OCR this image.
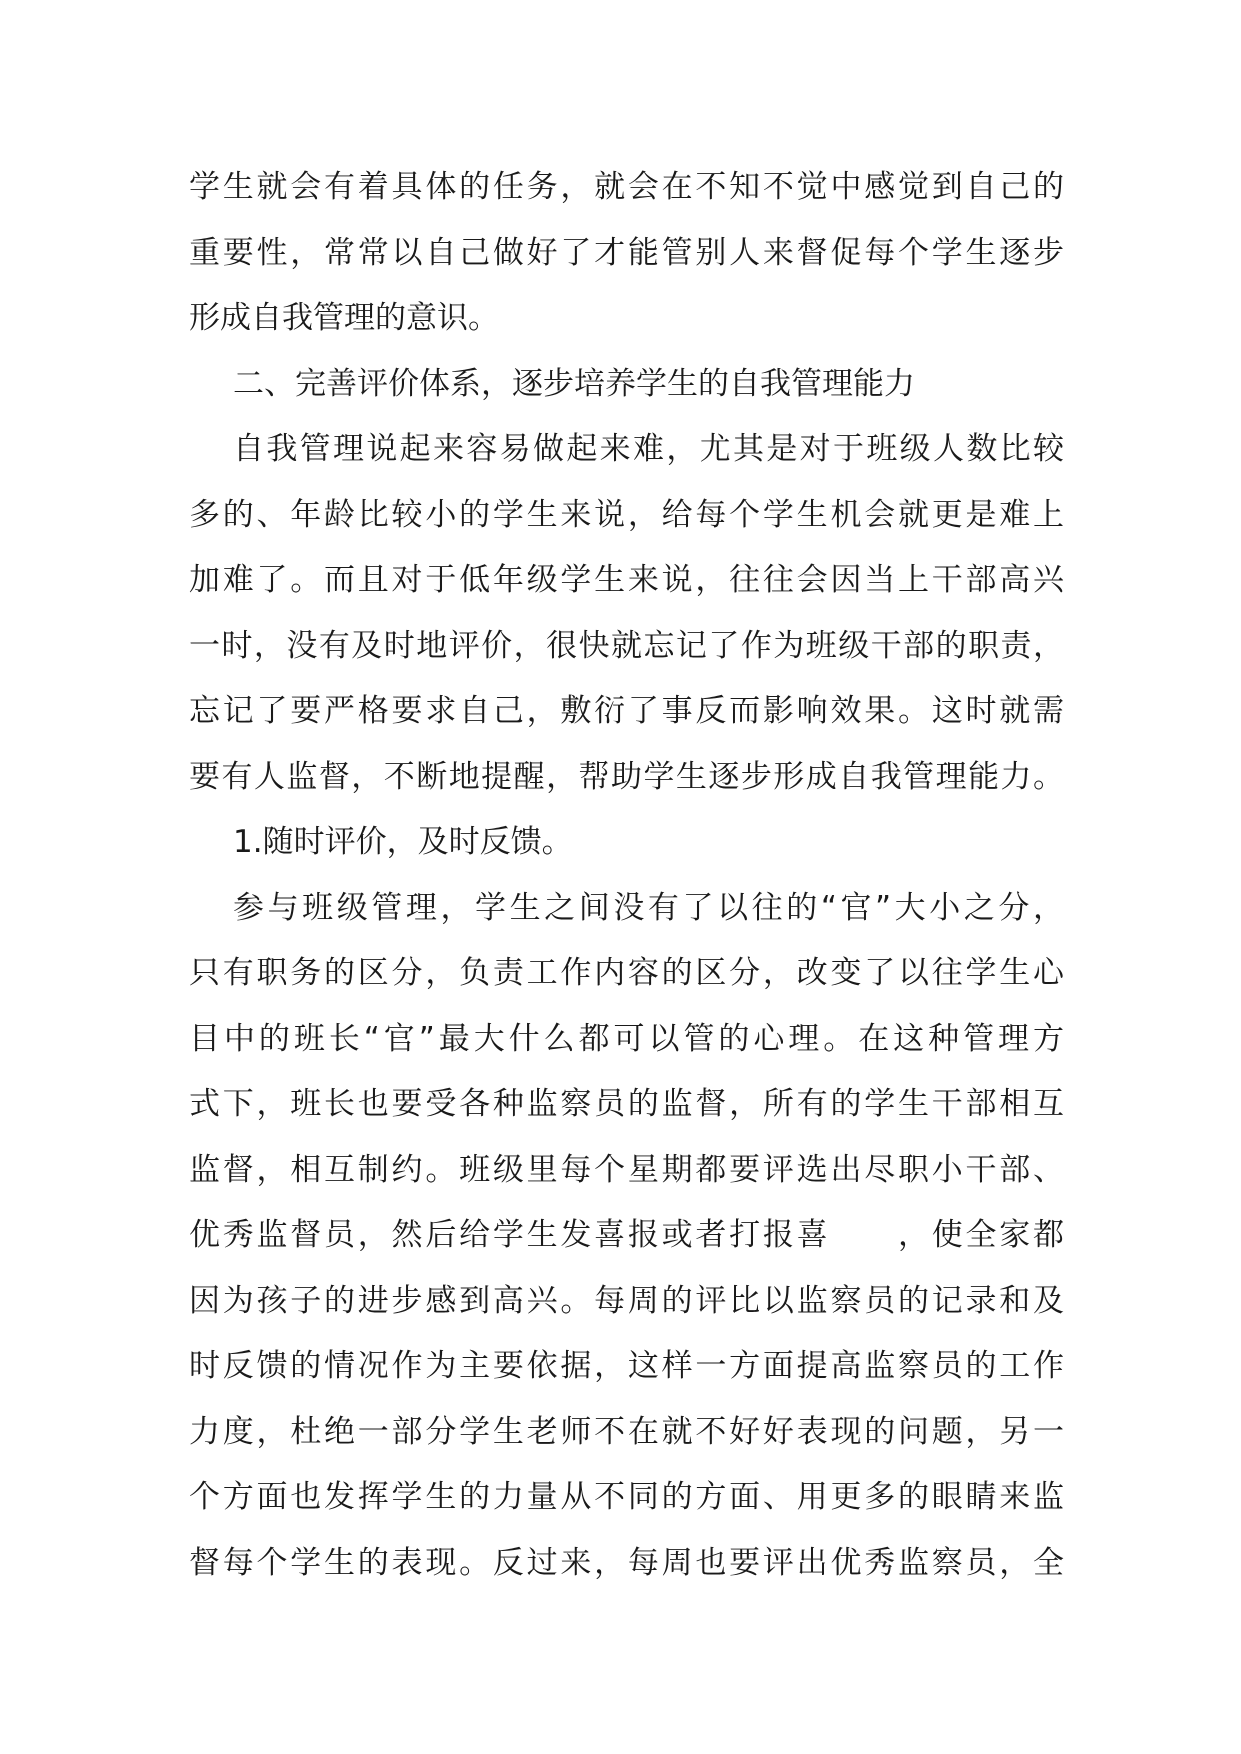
学生就会有着具体的任务，就会在不知不觉中感觉到自己的
重要性，常常以自己做好了才能管别人来督促每个学生逐步
形成自我管理的意识。
二、完善评价体系，逐步培养学生的自我管理能力
自我管理说起来容易做起来难，尤其是对于班级人数比较
多的、年龄比较小的学生来说，给每个学生机会就更是难上
加难了。而且对于低年级学生来说，往往会因当上干部高兴
一时，没有及时地评价，很快就忘记了作为班级干部的职责，
忘记了要严格要求自己，敷衍了事反而影响效果。这时就需
要有人监督，不断地提醒，帮助学生逐步形成自我管理能力。
1.随时评价，及时反馈。
参与班级管理，学生之间没有了以往的“官”大小之分，
只有职务的区分，负责工作内容的区分，改变了以往学生心
目中的班长“官”最大什么都可以管的心理。在这种管理方
式下，班长也要受各种监察员的监督，所有的学生干部相互
监督，相互制约。班级里每个星期都要评选出尽职小干部、
优秀监督员，然后给学生发喜报或者打报喜　　，使全家都
因为孩子的进步感到高兴。每周的评比以监察员的记录和及
时反馈的情况作为主要依据，这样一方面提高监察员的工作
力度，杜绝一部分学生老师不在就不好好表现的问题，另一
个方面也发挥学生的力量从不同的方面、用更多的眼睛来监
督每个学生的表现。反过来，每周也要评出优秀监察员，全
